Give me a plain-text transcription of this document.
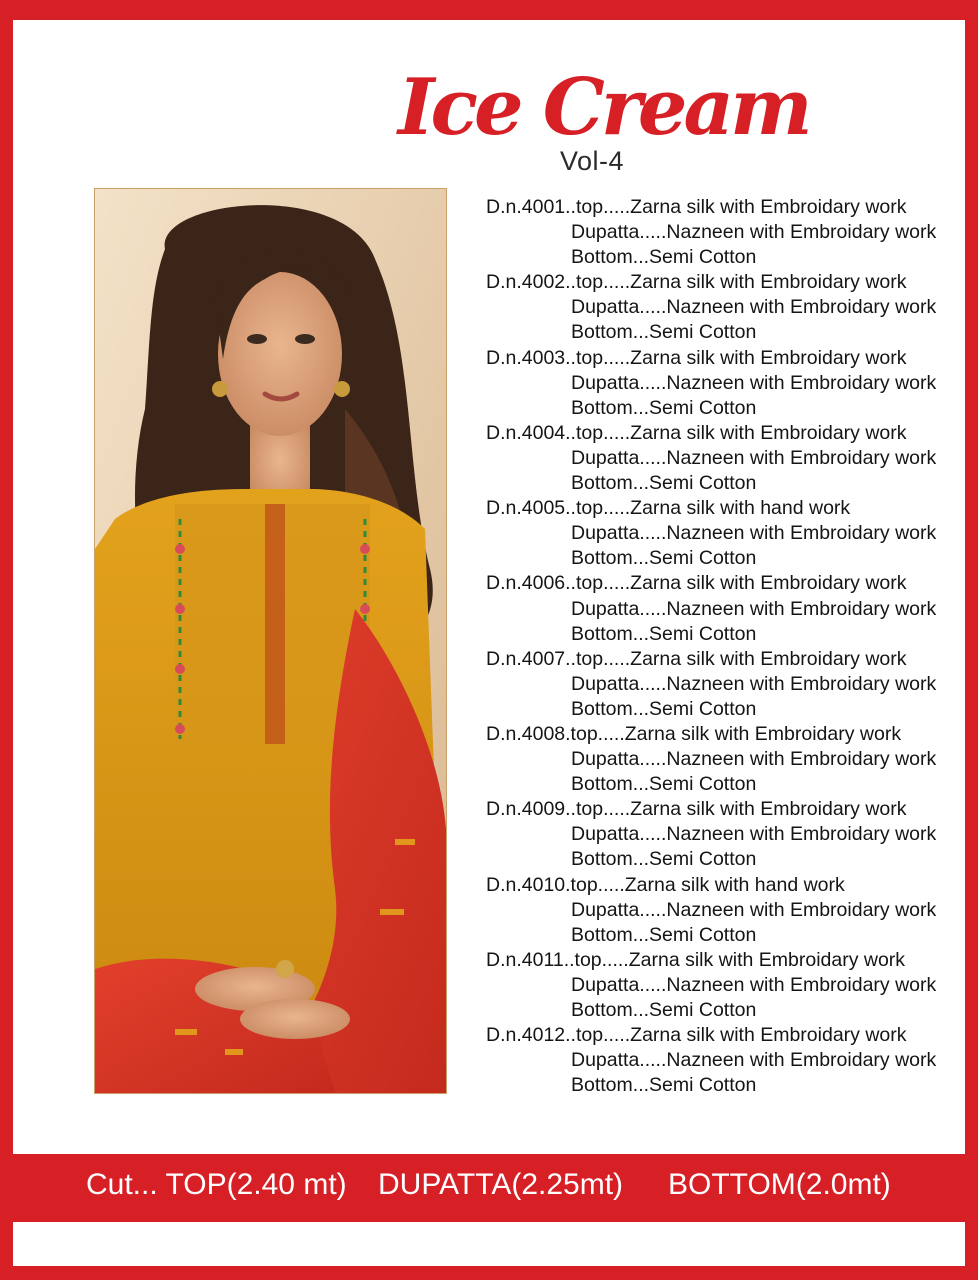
Ice Cream
Vol-4
D.n.4001..top.....Zarna silk with Embroidary work
Dupatta.....Nazneen with Embroidary work
Bottom...Semi Cotton
D.n.4002..top.....Zarna silk with Embroidary work
Dupatta.....Nazneen with Embroidary work
Bottom...Semi Cotton
D.n.4003..top.....Zarna silk with Embroidary work
Dupatta.....Nazneen with Embroidary work
Bottom...Semi Cotton
D.n.4004..top.....Zarna silk with Embroidary work
Dupatta.....Nazneen with Embroidary work
Bottom...Semi Cotton
D.n.4005..top.....Zarna silk with hand work
Dupatta.....Nazneen with Embroidary work
Bottom...Semi Cotton
D.n.4006..top.....Zarna silk with Embroidary work
Dupatta.....Nazneen with Embroidary work
Bottom...Semi Cotton
D.n.4007..top.....Zarna silk with Embroidary work
Dupatta.....Nazneen with Embroidary work
Bottom...Semi Cotton
D.n.4008.top.....Zarna silk with Embroidary work
Dupatta.....Nazneen with Embroidary work
Bottom...Semi Cotton
D.n.4009..top.....Zarna silk with Embroidary work
Dupatta.....Nazneen with Embroidary work
Bottom...Semi Cotton
D.n.4010.top.....Zarna silk with hand work
Dupatta.....Nazneen with Embroidary work
Bottom...Semi Cotton
D.n.4011..top.....Zarna silk with Embroidary work
Dupatta.....Nazneen with Embroidary work
Bottom...Semi Cotton
D.n.4012..top.....Zarna silk with Embroidary work
Dupatta.....Nazneen with Embroidary work
Bottom...Semi Cotton
Cut... TOP(2.40 mt) DUPATTA(2.25mt) BOTTOM(2.0mt)
